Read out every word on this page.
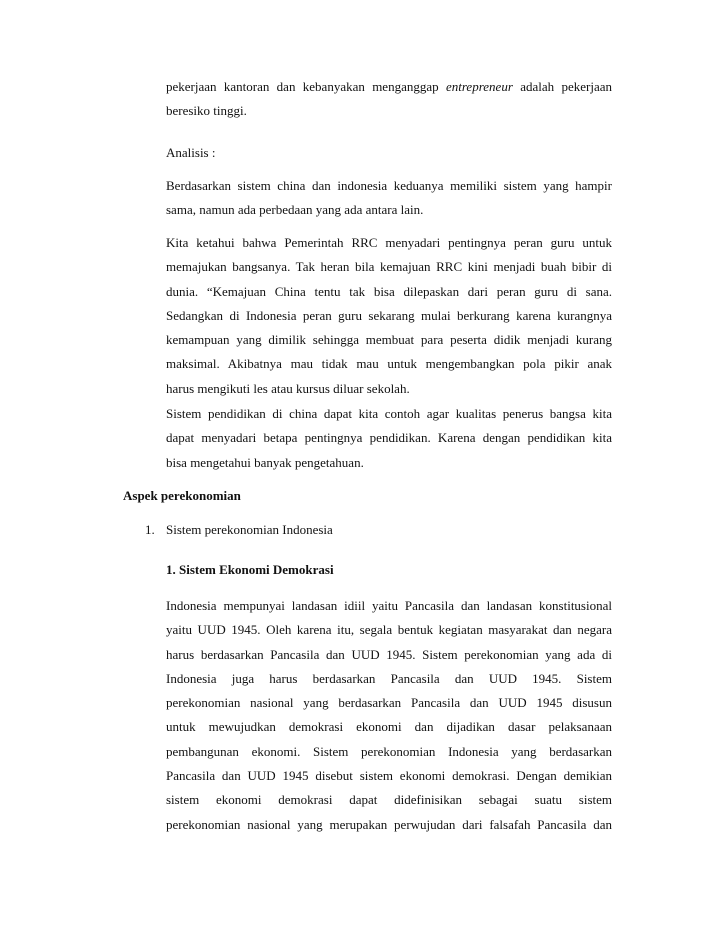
pekerjaan kantoran dan kebanyakan menganggap entrepreneur adalah pekerjaan
beresiko tinggi.
Analisis :
Berdasarkan sistem china dan indonesia keduanya memiliki sistem yang hampir
sama, namun ada perbedaan yang ada antara lain.
Kita ketahui bahwa Pemerintah RRC menyadari pentingnya peran guru untuk
memajukan bangsanya. Tak heran bila kemajuan RRC kini menjadi buah bibir di
dunia. “Kemajuan China tentu tak bisa dilepaskan dari peran guru di sana.
Sedangkan di Indonesia peran guru sekarang mulai berkurang karena kurangnya
kemampuan yang dimilik sehingga membuat para peserta didik menjadi kurang
maksimal. Akibatnya mau tidak mau untuk mengembangkan pola pikir anak
harus mengikuti les atau kursus diluar sekolah.
Sistem pendidikan di china dapat kita contoh agar kualitas penerus bangsa kita
dapat menyadari betapa pentingnya pendidikan. Karena dengan pendidikan kita
bisa mengetahui banyak pengetahuan.
Aspek perekonomian
1. Sistem perekonomian Indonesia
1. Sistem Ekonomi Demokrasi
Indonesia mempunyai landasan idiil yaitu Pancasila dan landasan konstitusional
yaitu UUD 1945. Oleh karena itu, segala bentuk kegiatan masyarakat dan negara
harus berdasarkan Pancasila dan UUD 1945. Sistem perekonomian yang ada di
Indonesia juga harus berdasarkan Pancasila dan UUD 1945. Sistem
perekonomian nasional yang berdasarkan Pancasila dan UUD 1945 disusun
untuk mewujudkan demokrasi ekonomi dan dijadikan dasar pelaksanaan
pembangunan ekonomi. Sistem perekonomian Indonesia yang berdasarkan
Pancasila dan UUD 1945 disebut sistem ekonomi demokrasi. Dengan demikian
sistem ekonomi demokrasi dapat didefinisikan sebagai suatu sistem
perekonomian nasional yang merupakan perwujudan dari falsafah Pancasila dan
